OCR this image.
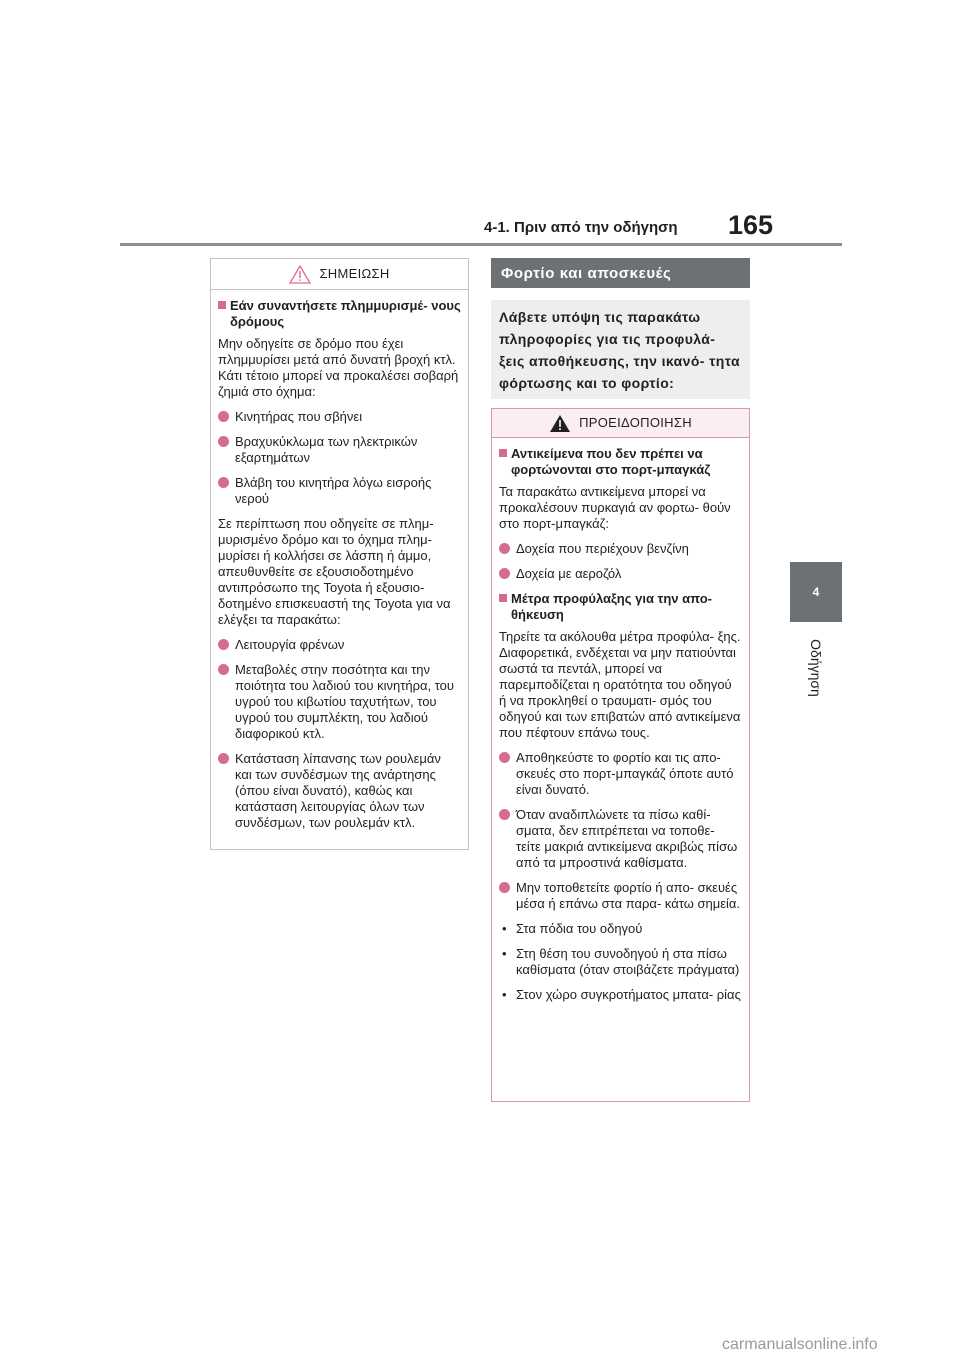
4-1. Πριν από την οδήγηση 165
4
Οδήγηση
ΣΗΜΕΙΩΣΗ
Εάν συναντήσετε πλημμυρισμέ- νους δρόμους
Μην οδηγείτε σε δρόμο που έχει πλημμυρίσει μετά από δυνατή βροχή κτλ. Κάτι τέτοιο μπορεί να προκαλέσει σοβαρή ζημιά στο όχημα:
Κινητήρας που σβήνει
Βραχυκύκλωμα των ηλεκτρικών εξαρτημάτων
Βλάβη του κινητήρα λόγω εισροής νερού
Σε περίπτωση που οδηγείτε σε πλημ- μυρισμένο δρόμο και το όχημα πλημ- μυρίσει ή κολλήσει σε λάσπη ή άμμο, απευθυνθείτε σε εξουσιοδοτημένο αντιπρόσωπο της Toyota ή εξουσιο- δοτημένο επισκευαστή της Toyota για να ελέγξει τα παρακάτω:
Λειτουργία φρένων
Μεταβολές στην ποσότητα και την ποιότητα του λαδιού του κινητήρα, του υγρού του κιβωτίου ταχυτήτων, του υγρού του συμπλέκτη, του λαδιού διαφορικού κτλ.
Κατάσταση λίπανσης των ρουλεμάν και των συνδέσμων της ανάρτησης (όπου είναι δυνατό), καθώς και κατάσταση λειτουργίας όλων των συνδέσμων, των ρουλεμάν κτλ.
Φορτίο και αποσκευές
Λάβετε υπόψη τις παρακάτω πληροφορίες για τις προφυλά- ξεις αποθήκευσης, την ικανό- τητα φόρτωσης και το φορτίο:
ΠΡΟΕΙΔΟΠΟΙΗΣΗ
Αντικείμενα που δεν πρέπει να φορτώνονται στο πορτ-μπαγκάζ
Τα παρακάτω αντικείμενα μπορεί να προκαλέσουν πυρκαγιά αν φορτω- θούν στο πορτ-μπαγκάζ:
Δοχεία που περιέχουν βενζίνη
Δοχεία με αεροζόλ
Μέτρα προφύλαξης για την απο- θήκευση
Τηρείτε τα ακόλουθα μέτρα προφύλα- ξης.
Διαφορετικά, ενδέχεται να μην πατιούνται σωστά τα πεντάλ, μπορεί να παρεμποδίζεται η ορατότητα του οδηγού ή να προκληθεί ο τραυματι- σμός του οδηγού και των επιβατών από αντικείμενα που πέφτουν επάνω τους.
Αποθηκεύστε το φορτίο και τις απο- σκευές στο πορτ-μπαγκάζ όποτε αυτό είναι δυνατό.
Όταν αναδιπλώνετε τα πίσω καθί- σματα, δεν επιτρέπεται να τοποθε- τείτε μακριά αντικείμενα ακριβώς πίσω από τα μπροστινά καθίσματα.
Μην τοποθετείτε φορτίο ή απο- σκευές μέσα ή επάνω στα παρα- κάτω σημεία.
• Στα πόδια του οδηγού
• Στη θέση του συνοδηγού ή στα πίσω καθίσματα (όταν στοιβάζετε πράγματα)
• Στον χώρο συγκροτήματος μπατα- ρίας
carmanualsonline.info
